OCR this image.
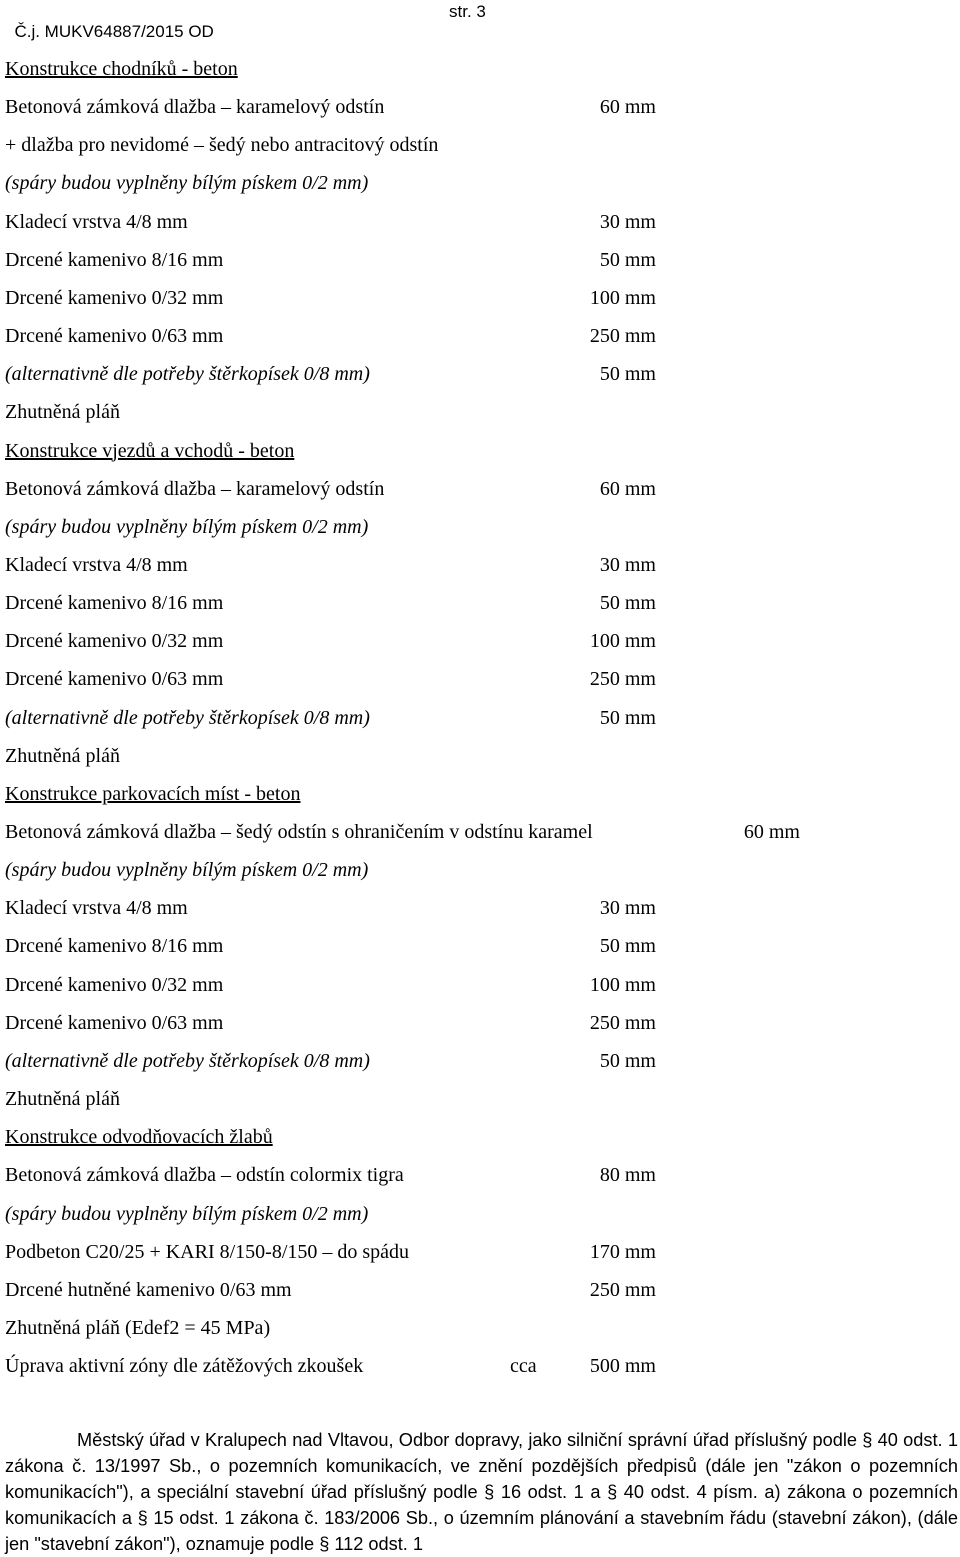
Č.j. MUKV64887/2015 OD

str. 3

Konstrukce chodníků - beton
Betonová zámková dlažba – karamelový odstín	60 mm
+ dlažba pro nevidomé – šedý nebo antracitový odstín
(spáry budou vyplněny bílým pískem 0/2 mm)
Kladecí vrstva 4/8 mm	30 mm
Drcené kamenivo 8/16 mm	50 mm
Drcené kamenivo 0/32 mm	100 mm
Drcené kamenivo 0/63 mm	250 mm
(alternativně dle potřeby štěrkopísek 0/8 mm)	50 mm
Zhutněná pláň
Konstrukce vjezdů a vchodů - beton
Betonová zámková dlažba – karamelový odstín	60 mm
(spáry budou vyplněny bílým pískem 0/2 mm)
Kladecí vrstva 4/8 mm	30 mm
Drcené kamenivo 8/16 mm	50 mm
Drcené kamenivo 0/32 mm	100 mm
Drcené kamenivo 0/63 mm	250 mm
(alternativně dle potřeby štěrkopísek 0/8 mm)	50 mm
Zhutněná pláň
Konstrukce parkovacích míst - beton
Betonová zámková dlažba – šedý odstín s ohraničením v odstínu karamel	60 mm
(spáry budou vyplněny bílým pískem 0/2 mm)
Kladecí vrstva 4/8 mm	30 mm
Drcené kamenivo 8/16 mm	50 mm
Drcené kamenivo 0/32 mm	100 mm
Drcené kamenivo 0/63 mm	250 mm
(alternativně dle potřeby štěrkopísek 0/8 mm)	50 mm
Zhutněná pláň
Konstrukce odvodňovacích žlabů
Betonová zámková dlažba – odstín colormix tigra	80 mm
(spáry budou vyplněny bílým pískem 0/2 mm)
Podbeton C20/25 + KARI 8/150-8/150 – do spádu	170 mm
Drcené hutněné kamenivo 0/63 mm	250 mm
Zhutněná pláň (Edef2 = 45 MPa)
Úprava aktivní zóny dle zátěžových zkoušek	cca	500 mm
Městský úřad v Kralupech nad Vltavou, Odbor dopravy, jako silniční správní úřad příslušný podle § 40 odst. 1 zákona č. 13/1997 Sb., o pozemních komunikacích, ve znění pozdějších předpisů (dále jen "zákon o pozemních komunikacích"), a speciální stavební úřad příslušný podle § 16 odst. 1 a § 40 odst. 4 písm. a) zákona o pozemních komunikacích a § 15 odst. 1 zákona č. 183/2006 Sb., o územním plánování a stavebním řádu (stavební zákon), (dále jen "stavební zákon"), oznamuje podle § 112 odst. 1
